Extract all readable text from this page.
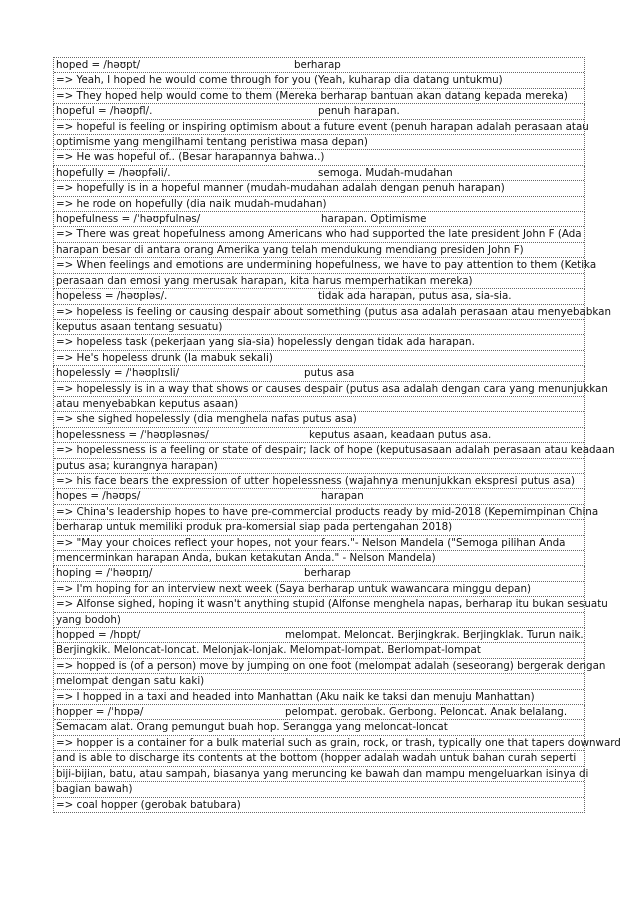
hoped = /həʊpt/	berharap
=> Yeah, I hoped he would come through for you (Yeah, kuharap dia datang untukmu)
=> They hoped help would come to them (Mereka berharap bantuan akan datang kepada mereka)
hopeful = /həʊpfl/.	penuh harapan.
=> hopeful is feeling or inspiring optimism about a future event (penuh harapan adalah perasaan atau
optimisme yang mengilhami tentang peristiwa masa depan)
=> He was hopeful of.. (Besar harapannya bahwa..)
hopefully = /həʊpfəli/.	semoga. Mudah-mudahan
=> hopefully is in a hopeful manner (mudah-mudahan adalah dengan penuh harapan)
=> he rode on hopefully (dia naik mudah-mudahan)
hopefulness = /ˈhəʊpfulnəs/	harapan. Optimisme
=> There was great hopefulness among Americans who had supported the late president John F (Ada
harapan besar di antara orang Amerika yang telah mendukung mendiang presiden John F)
=> When feelings and emotions are undermining hopefulness, we have to pay attention to them (Ketika
perasaan dan emosi yang merusak harapan, kita harus memperhatikan mereka)
hopeless = /həʊpləs/.	tidak ada harapan, putus asa, sia-sia.
=> hopeless is feeling or causing despair about something (putus asa adalah perasaan atau menyebabkan
keputus asaan tentang sesuatu)
=> hopeless task (pekerjaan yang sia-sia) hopelessly dengan tidak ada harapan.
=> He's hopeless drunk (Ia mabuk sekali)
hopelessly = /ˈhəʊplɪsli/	putus asa
=> hopelessly is in a way that shows or causes despair (putus asa adalah dengan cara yang menunjukkan
atau menyebabkan keputus asaan)
=> she sighed hopelessly (dia menghela nafas putus asa)
hopelessness = /ˈhəʊpləsnəs/	keputus asaan, keadaan putus asa.
=> hopelessness is a feeling or state of despair; lack of hope (keputusasaan adalah perasaan atau keadaan
putus asa; kurangnya harapan)
=> his face bears the expression of utter hopelessness (wajahnya menunjukkan ekspresi putus asa)
hopes = /həʊps/	harapan
=> China's leadership hopes to have pre-commercial products ready by mid-2018 (Kepemimpinan China
berharap untuk memiliki produk pra-komersial siap pada pertengahan 2018)
=> "May your choices reflect your hopes, not your fears."- Nelson Mandela ("Semoga pilihan Anda
mencerminkan harapan Anda, bukan ketakutan Anda." - Nelson Mandela)
hoping = /ˈhəʊpɪŋ/	berharap
=> I'm hoping for an interview next week (Saya berharap untuk wawancara minggu depan)
=> Alfonse sighed, hoping it wasn't anything stupid (Alfonse menghela napas, berharap itu bukan sesuatu
yang bodoh)
hopped = /hɒpt/	melompat. Meloncat. Berjingkrak. Berjingklak. Turun naik.
Berjingkik. Meloncat-loncat. Melonjak-lonjak. Melompat-lompat. Berlompat-lompat
=> hopped is (of a person) move by jumping on one foot (melompat adalah (seseorang) bergerak dengan
melompat dengan satu kaki)
=> I hopped in a taxi and headed into Manhattan (Aku naik ke taksi dan menuju Manhattan)
hopper = /ˈhɒpə/	pelompat. gerobak. Gerbong. Peloncat. Anak belalang.
Semacam alat. Orang pemungut buah hop. Serangga yang meloncat-loncat
=> hopper is a container for a bulk material such as grain, rock, or trash, typically one that tapers downward
and is able to discharge its contents at the bottom (hopper adalah wadah untuk bahan curah seperti
biji-bijian, batu, atau sampah, biasanya yang meruncing ke bawah dan mampu mengeluarkan isinya di
bagian bawah)
=> coal hopper (gerobak batubara)
